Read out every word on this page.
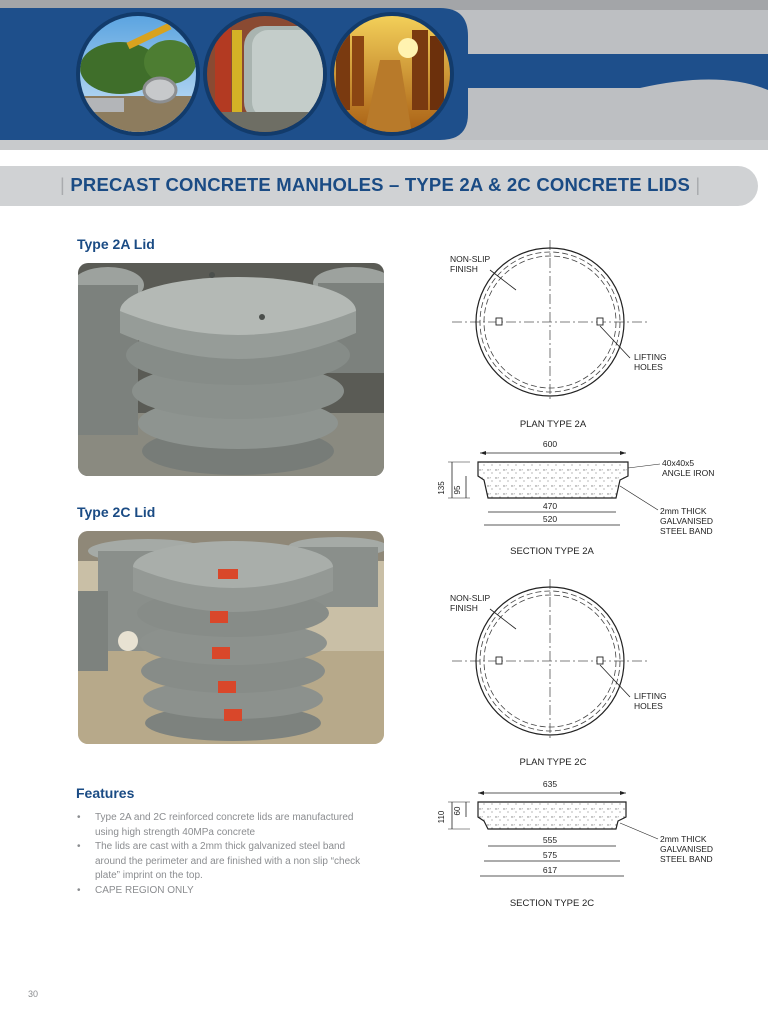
| PRECAST CONCRETE MANHOLES – TYPE 2A & 2C CONCRETE LIDS |
Type 2A Lid
NON-SLIP
FINISH
LIFTING
HOLES
PLAN TYPE 2A
600
135 95
470
520
40x40x5
ANGLE IRON
2mm THICK
GALVANISED
STEEL BAND
SECTION TYPE 2A
Type 2C Lid
NON-SLIP
FINISH
LIFTING
HOLES
PLAN TYPE 2C
635
110 60
555
575
617
2mm THICK
GALVANISED
STEEL BAND
SECTION TYPE 2C
Features
• Type 2A and 2C reinforced concrete lids are manufactured using high strength 40MPa concrete
• The lids are cast with a 2mm thick galvanized steel band around the perimeter and are finished with a non slip “check plate” imprint on the top.
• CAPE REGION ONLY
30
